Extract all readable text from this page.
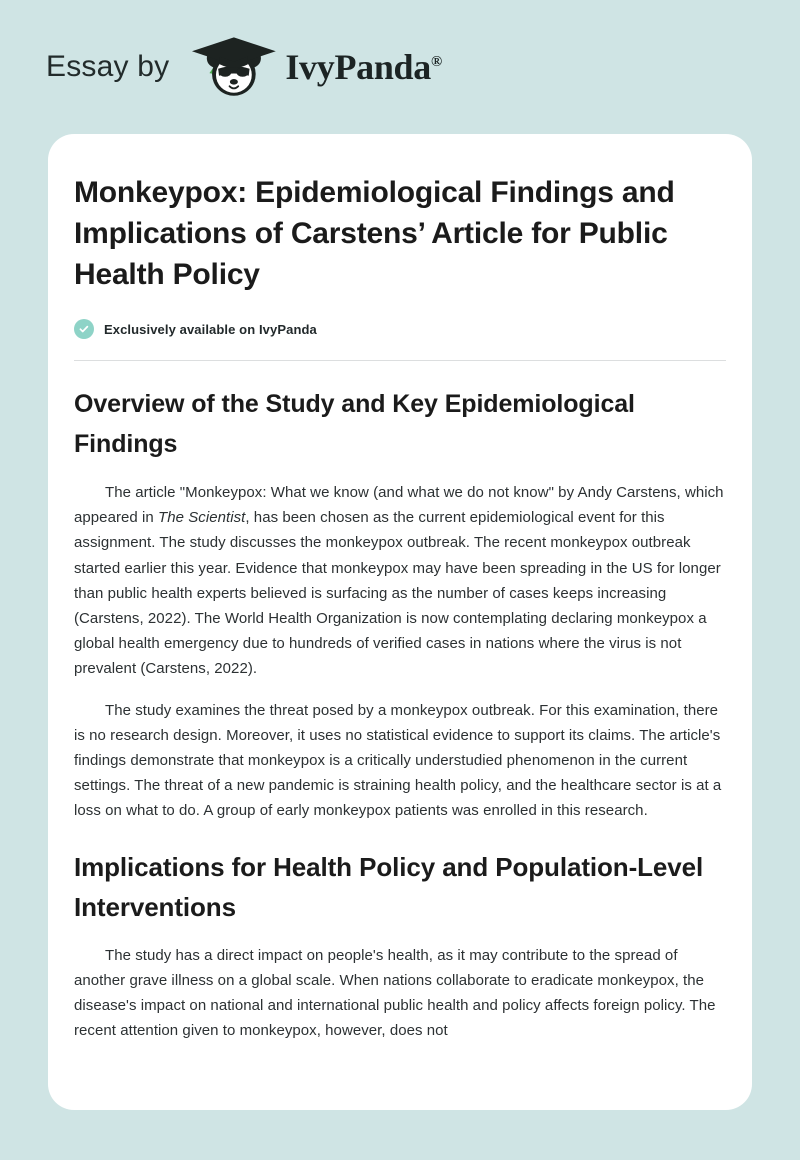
Essay by	IvyPanda®
Monkeypox: Epidemiological Findings and Implications of Carstens’ Article for Public Health Policy
Exclusively available on IvyPanda
Overview of the Study and Key Epidemiological Findings

The article "Monkeypox: What we know (and what we do not know" by Andy Carstens, which appeared in The Scientist, has been chosen as the current epidemiological event for this assignment. The study discusses the monkeypox outbreak. The recent monkeypox outbreak started earlier this year. Evidence that monkeypox may have been spreading in the US for longer than public health experts believed is surfacing as the number of cases keeps increasing (Carstens, 2022). The World Health Organization is now contemplating declaring monkeypox a global health emergency due to hundreds of verified cases in nations where the virus is not prevalent (Carstens, 2022).

The study examines the threat posed by a monkeypox outbreak. For this examination, there is no research design. Moreover, it uses no statistical evidence to support its claims. The article's findings demonstrate that monkeypox is a critically understudied phenomenon in the current settings. The threat of a new pandemic is straining health policy, and the healthcare sector is at a loss on what to do. A group of early monkeypox patients was enrolled in this research.

Implications for Health Policy and Population-Level Interventions

The study has a direct impact on people's health, as it may contribute to the spread of another grave illness on a global scale. When nations collaborate to eradicate monkeypox, the disease's impact on national and international public health and policy affects foreign policy. The recent attention given to monkeypox, however, does not
